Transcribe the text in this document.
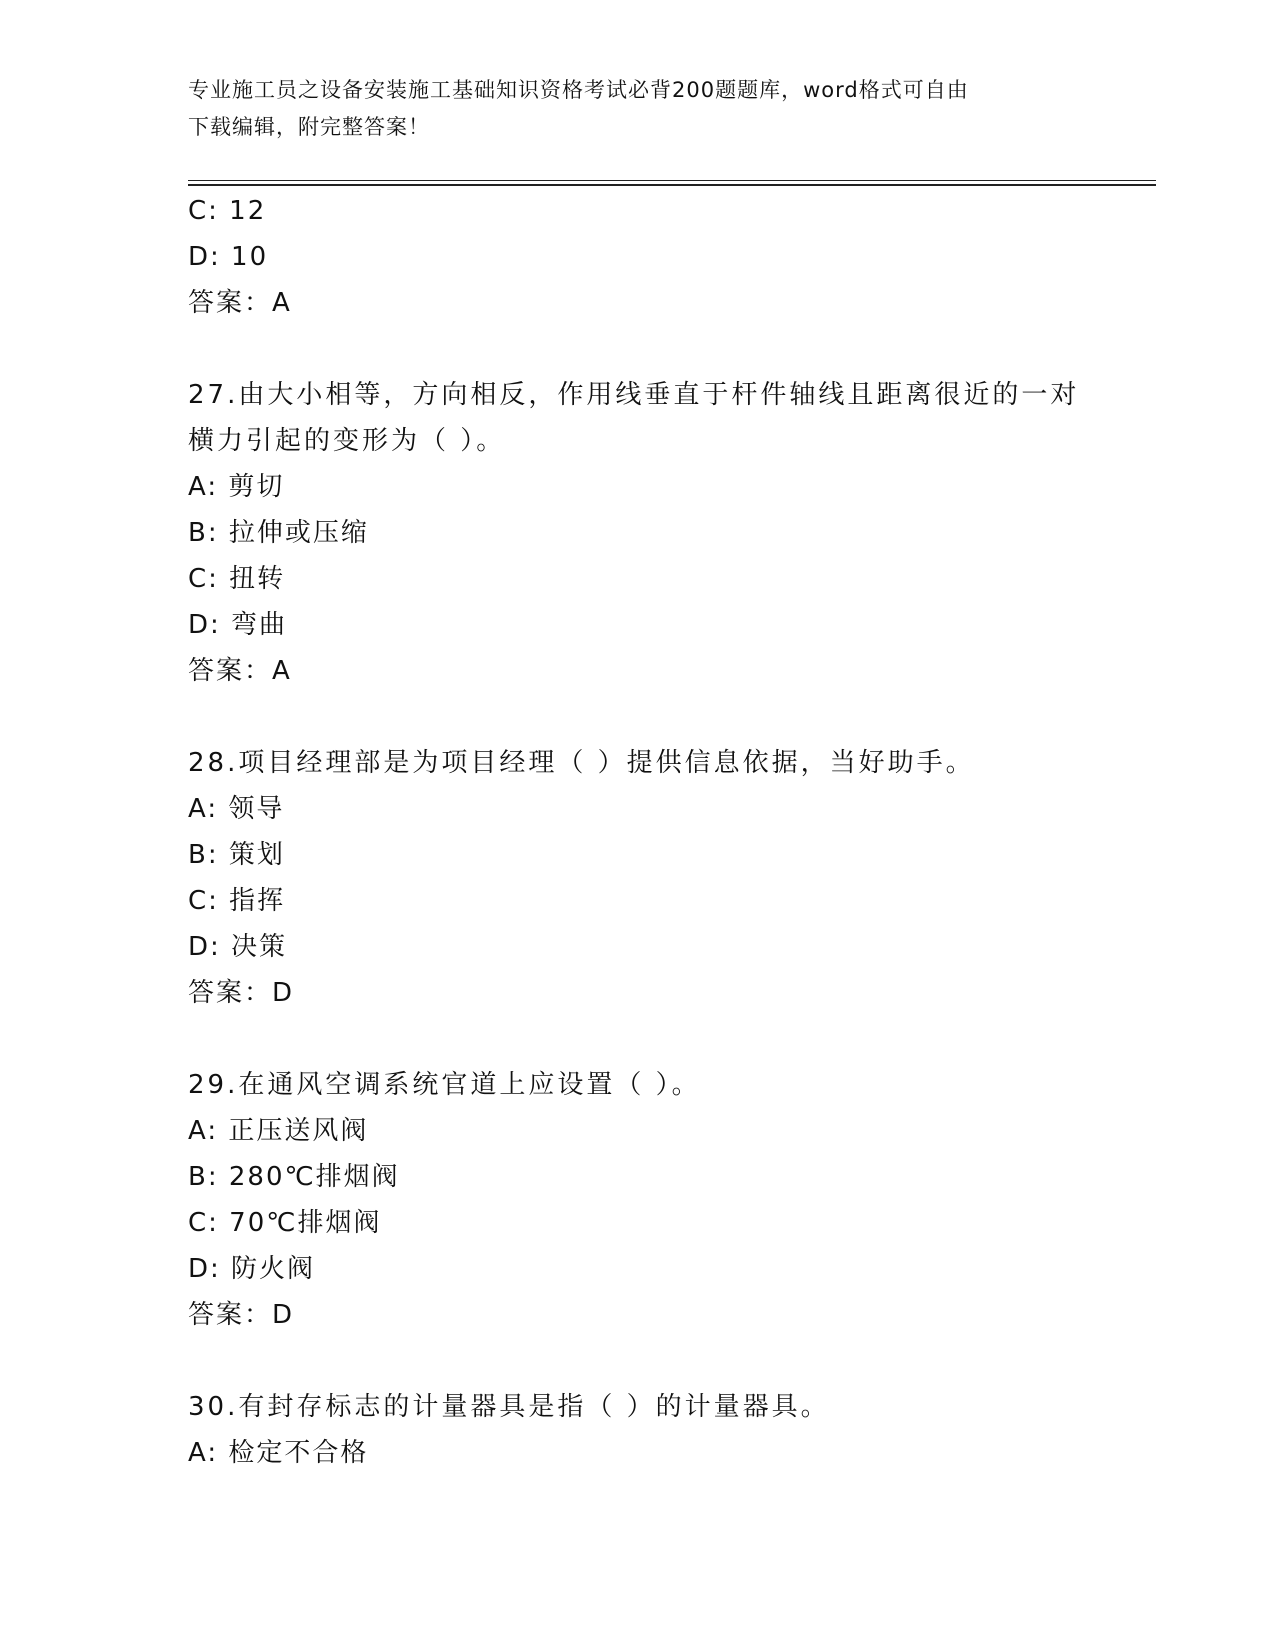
专业施工员之设备安装施工基础知识资格考试必背200题题库，word格式可自由
下载编辑，附完整答案！
C: 12
D: 10
答案：A
27.由大小相等，方向相反，作用线垂直于杆件轴线且距离很近的一对
横力引起的变形为（ ）。
A: 剪切
B: 拉伸或压缩
C: 扭转
D: 弯曲
答案：A
28.项目经理部是为项目经理（ ）提供信息依据，当好助手。
A: 领导
B: 策划
C: 指挥
D: 决策
答案：D
29.在通风空调系统官道上应设置（ ）。
A: 正压送风阀
B: 280℃排烟阀
C: 70℃排烟阀
D: 防火阀
答案：D
30.有封存标志的计量器具是指（ ）的计量器具。
A: 检定不合格
